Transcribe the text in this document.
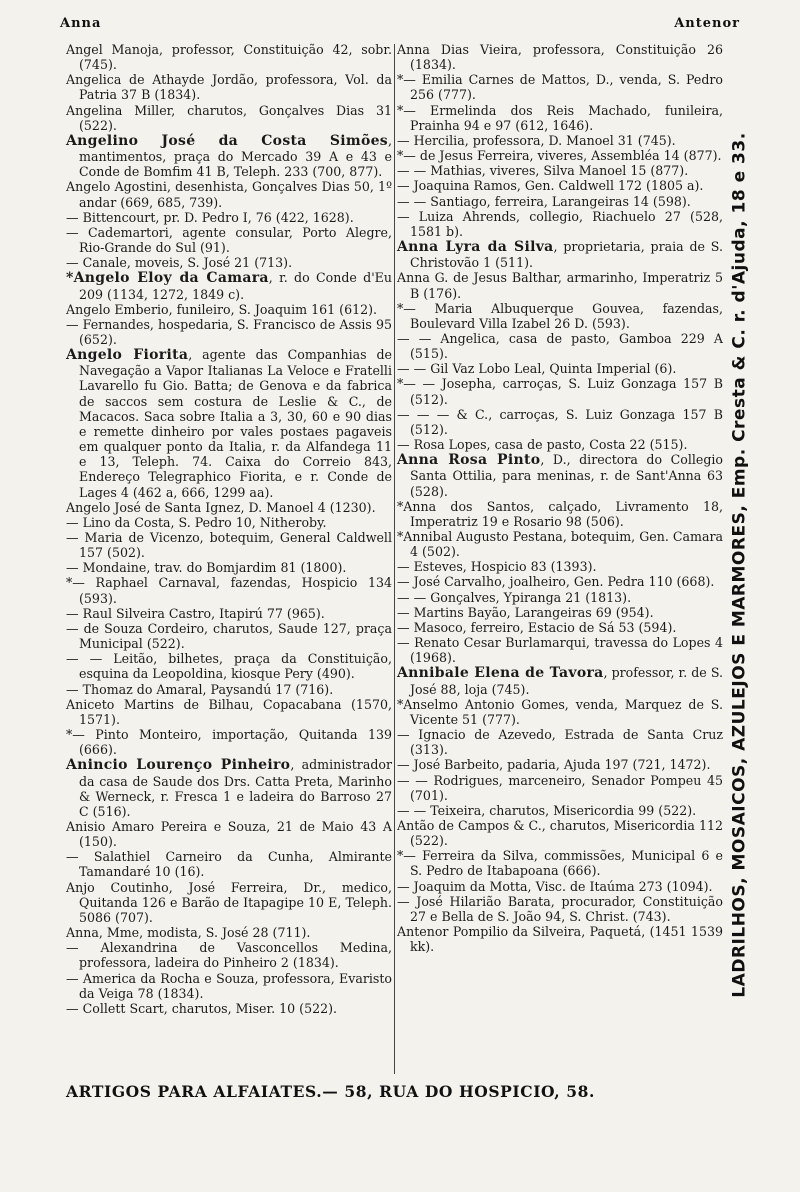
Anna	Antenor

Angel Manoja, professor, Constituição 42, sobr. (745).

Angelica de Athayde Jordão, professora, Vol. da Patria 37 B (1834).

Angelina Miller, charutos, Gonçalves Dias 31 (522).

Angelino José da Costa Simões, mantimentos, praça do Mercado 39 A e 43 e Conde de Bomfim 41 B, Teleph. 233 (700, 877).

Angelo Agostini, desenhista, Gonçalves Dias 50, 1º andar (669, 685, 739).

— Bittencourt, pr. D. Pedro I, 76 (422, 1628).

— Cademartori, agente consular, Porto Alegre, Rio-Grande do Sul (91).

— Canale, moveis, S. José 21 (713).

*Angelo Eloy da Camara, r. do Conde d'Eu 209 (1134, 1272, 1849 c).

Angelo Emberio, funileiro, S. Joaquim 161 (612).

— Fernandes, hospedaria, S. Francisco de Assis 95 (652).

Angelo Fiorita, agente das Companhias de Navegação a Vapor Italianas La Veloce e Fratelli Lavarello fu Gio. Batta; de Genova e da fabrica de saccos sem costura de Leslie & C., de Macacos. Saca sobre Italia a 3, 30, 60 e 90 dias e remette dinheiro por vales postaes pagaveis em qualquer ponto da Italia, r. da Alfandega 11 e 13, Teleph. 74. Caixa do Correio 843, Endereço Telegraphico Fiorita, e r. Conde de Lages 4 (462 a, 666, 1299 aa).

Angelo José de Santa Ignez, D. Manoel 4 (1230).

— Lino da Costa, S. Pedro 10, Nitheroby.

— Maria de Vicenzo, botequim, General Caldwell 157 (502).

— Mondaine, trav. do Bomjardim 81 (1800).

*— Raphael Carnaval, fazendas, Hospicio 134 (593).

— Raul Silveira Castro, Itapirú 77 (965).

— de Souza Cordeiro, charutos, Saude 127, praça Municipal (522).

— — Leitão, bilhetes, praça da Constituição, esquina da Leopoldina, kiosque Pery (490).

— Thomaz do Amaral, Paysandú 17 (716).

Aniceto Martins de Bilhau, Copacabana (1570, 1571).

*— Pinto Monteiro, importação, Quitanda 139 (666).

Anincio Lourenço Pinheiro, administrador da casa de Saude dos Drs. Catta Preta, Marinho & Werneck, r. Fresca 1 e ladeira do Barroso 27 C (516).

Anisio Amaro Pereira e Souza, 21 de Maio 43 A (150).

— Salathiel Carneiro da Cunha, Almirante Tamandaré 10 (16).

Anjo Coutinho, José Ferreira, Dr., medico, Quitanda 126 e Barão de Itapagipe 10 E, Teleph. 5086 (707).

Anna, Mme, modista, S. José 28 (711).

— Alexandrina de Vasconcellos Medina, professora, ladeira do Pinheiro 2 (1834).

— America da Rocha e Souza, professora, Evaristo da Veiga 78 (1834).

— Collett Scart, charutos, Miser. 10 (522).

Anna Dias Vieira, professora, Constituição 26 (1834).

*— Emilia Carnes de Mattos, D., venda, S. Pedro 256 (777).

*— Ermelinda dos Reis Machado, funileira, Prainha 94 e 97 (612, 1646).

— Hercilia, professora, D. Manoel 31 (745).

*— de Jesus Ferreira, viveres, Assembléa 14 (877).

— — Mathias, viveres, Silva Manoel 15 (877).

— Joaquina Ramos, Gen. Caldwell 172 (1805 a).

— — Santiago, ferreira, Larangeiras 14 (598).

— Luiza Ahrends, collegio, Riachuelo 27 (528, 1581 b).

Anna Lyra da Silva, proprietaria, praia de S. Christovão 1 (511).

Anna G. de Jesus Balthar, armarinho, Imperatriz 5 B (176).

*— Maria Albuquerque Gouvea, fazendas, Boulevard Villa Izabel 26 D. (593).

— — Angelica, casa de pasto, Gamboa 229 A (515).

— — Gil Vaz Lobo Leal, Quinta Imperial (6).

*— — Josepha, carroças, S. Luiz Gonzaga 157 B (512).

— — — & C., carroças, S. Luiz Gonzaga 157 B (512).

— Rosa Lopes, casa de pasto, Costa 22 (515).

Anna Rosa Pinto, D., directora do Collegio Santa Ottilia, para meninas, r. de Sant'Anna 63 (528).

*Anna dos Santos, calçado, Livramento 18, Imperatriz 19 e Rosario 98 (506).

*Annibal Augusto Pestana, botequim, Gen. Camara 4 (502).

— Esteves, Hospicio 83 (1393).

— José Carvalho, joalheiro, Gen. Pedra 110 (668).

— — Gonçalves, Ypiranga 21 (1813).

— Martins Bayão, Larangeiras 69 (954).

— Masoco, ferreiro, Estacio de Sá 53 (594).

— Renato Cesar Burlamarqui, travessa do Lopes 4 (1968).

Annibale Elena de Tavora, professor, r. de S. José 88, loja (745).

*Anselmo Antonio Gomes, venda, Marquez de S. Vicente 51 (777).

— Ignacio de Azevedo, Estrada de Santa Cruz (313).

— José Barbeito, padaria, Ajuda 197 (721, 1472).

— — Rodrigues, marceneiro, Senador Pompeu 45 (701).

— — Teixeira, charutos, Misericordia 99 (522).

Antão de Campos & C., charutos, Misericordia 112 (522).

*— Ferreira da Silva, commissões, Municipal 6 e S. Pedro de Itabapoana (666).

— Joaquim da Motta, Visc. de Itaúma 273 (1094).

— José Hilarião Barata, procurador, Constituição 27 e Bella de S. João 94, S. Christ. (743).

Antenor Pompilio da Silveira, Paquetá, (1451 1539 kk).	LADRILHOS, MOSAICOS, AZULEJOS E MARMORES, Emp. Cresta & C. r. d'Ajuda, 18 e 33.
ARTIGOS PARA ALFAIATES.— 58, RUA DO HOSPICIO, 58.
